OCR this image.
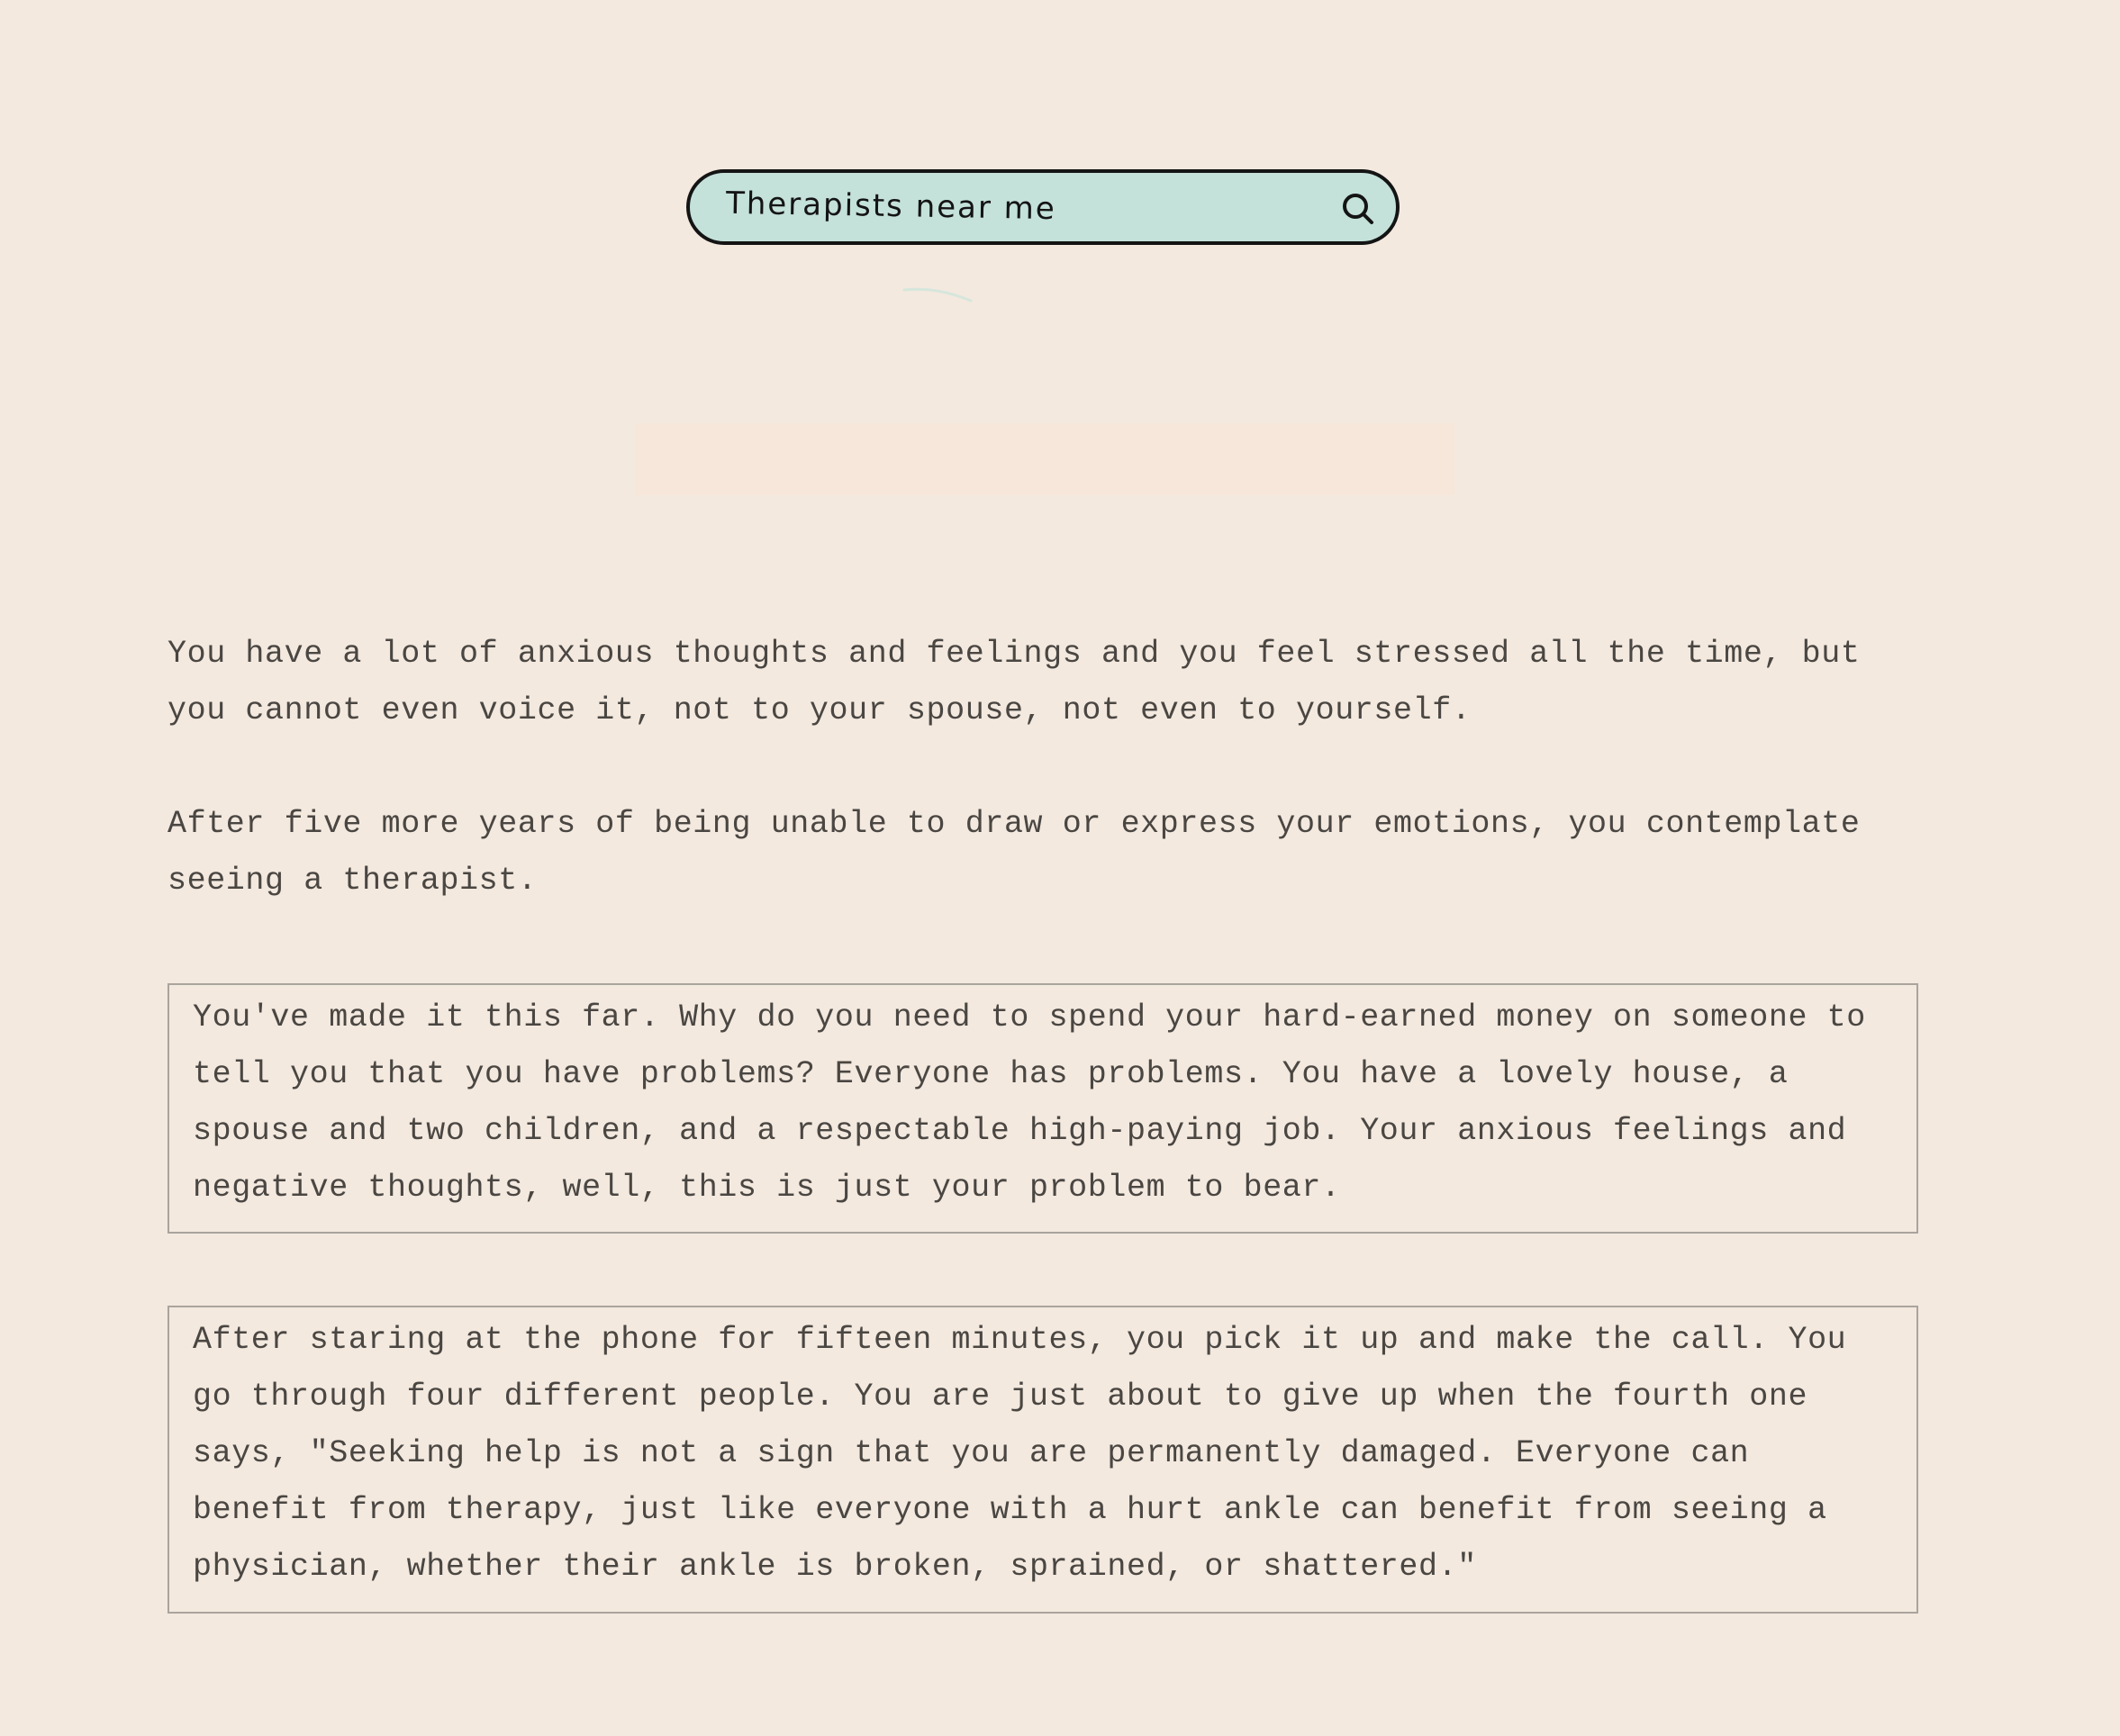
Therapists near me

You have a lot of anxious thoughts and feelings and you feel stressed all the time, but you cannot even voice it, not to your spouse, not even to yourself.

After five more years of being unable to draw or express your emotions, you contemplate seeing a therapist.

You've made it this far. Why do you need to spend your hard-earned money on someone to tell you that you have problems? Everyone has problems. You have a lovely house, a spouse and two children, and a respectable high-paying job. Your anxious feelings and negative thoughts, well, this is just your problem to bear.

After staring at the phone for fifteen minutes, you pick it up and make the call. You go through four different people. You are just about to give up when the fourth one says, "Seeking help is not a sign that you are permanently damaged. Everyone can benefit from therapy, just like everyone with a hurt ankle can benefit from seeing a physician, whether their ankle is broken, sprained, or shattered."
